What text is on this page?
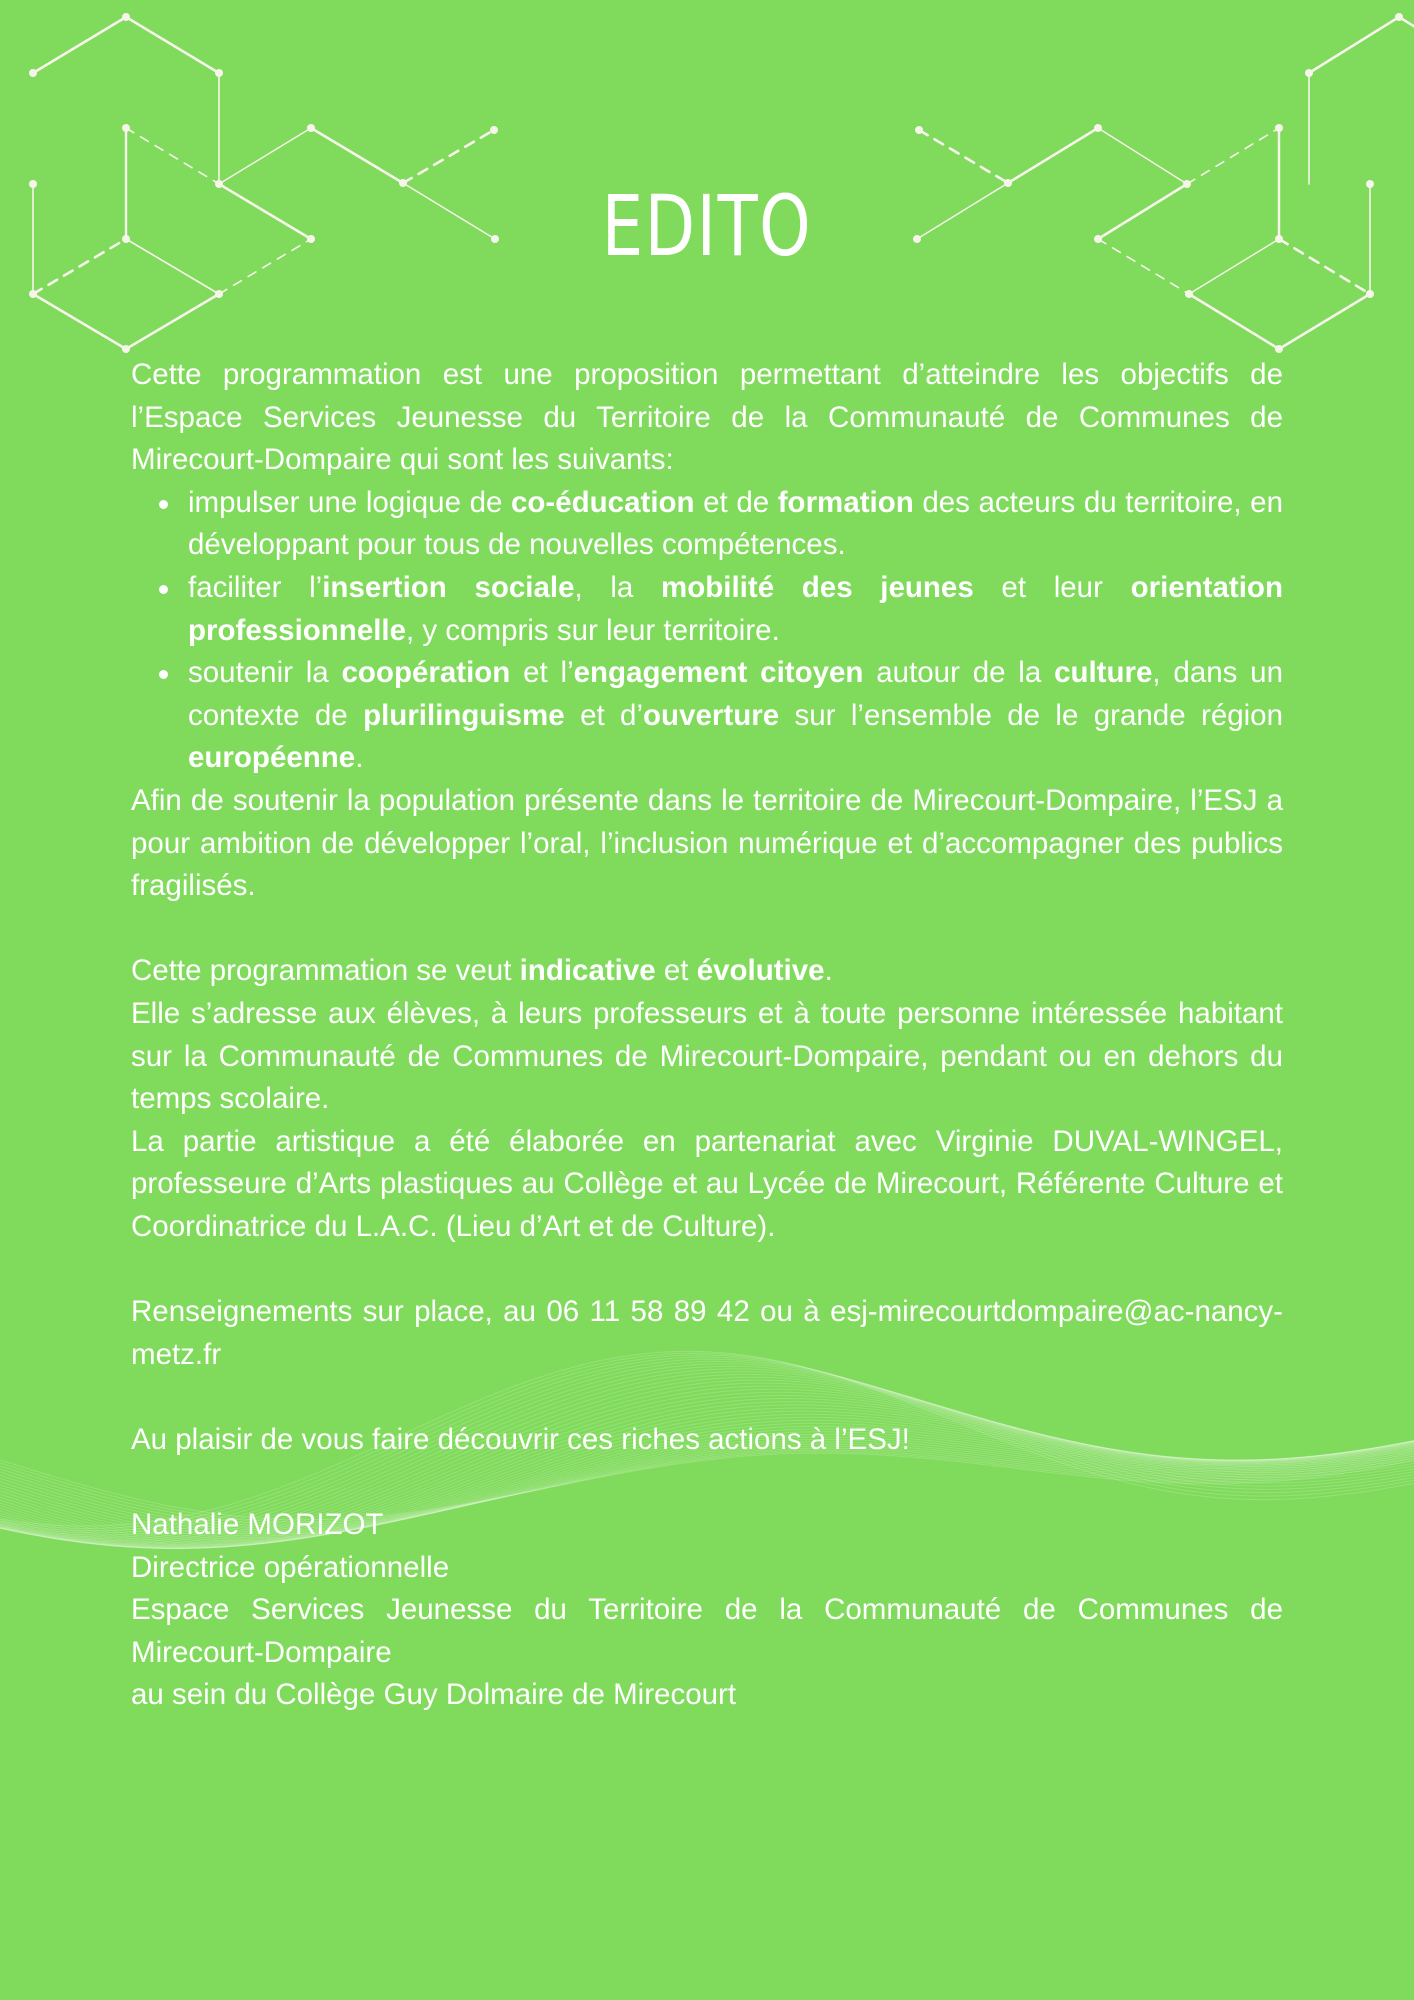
EDITO

Cette programmation est une proposition permettant d’atteindre les objectifs de l’Espace Services Jeunesse du Territoire de la Communauté de Communes de Mirecourt-Dompaire qui sont les suivants:

impulser une logique de co-éducation et de formation des acteurs du territoire, en développant pour tous de nouvelles compétences.
faciliter l’insertion sociale, la mobilité des jeunes et leur orientation professionnelle, y compris sur leur territoire.
soutenir la coopération et l’engagement citoyen autour de la culture, dans un contexte de plurilinguisme et d’ouverture sur l’ensemble de le grande région européenne.

Afin de soutenir la population présente dans le territoire de Mirecourt-Dompaire, l’ESJ a pour ambition de développer l’oral, l’inclusion numérique et d’accompagner des publics fragilisés.

Cette programmation se veut indicative et évolutive.

Elle s’adresse aux élèves, à leurs professeurs et à toute personne intéressée habitant sur la Communauté de Communes de Mirecourt-Dompaire, pendant ou en dehors du temps scolaire.

La partie artistique a été élaborée en partenariat avec Virginie DUVAL-WINGEL, professeure d’Arts plastiques au Collège et au Lycée de Mirecourt, Référente Culture et Coordinatrice du L.A.C. (Lieu d’Art et de Culture).

Renseignements sur place, au 06 11 58 89 42 ou à esj-mirecourtdompaire@ac-nancy-metz.fr

Au plaisir de vous faire découvrir ces riches actions à l’ESJ!

Nathalie MORIZOT

Directrice opérationnelle

Espace Services Jeunesse du Territoire de la Communauté de Communes de Mirecourt-Dompaire

au sein du Collège Guy Dolmaire de Mirecourt
